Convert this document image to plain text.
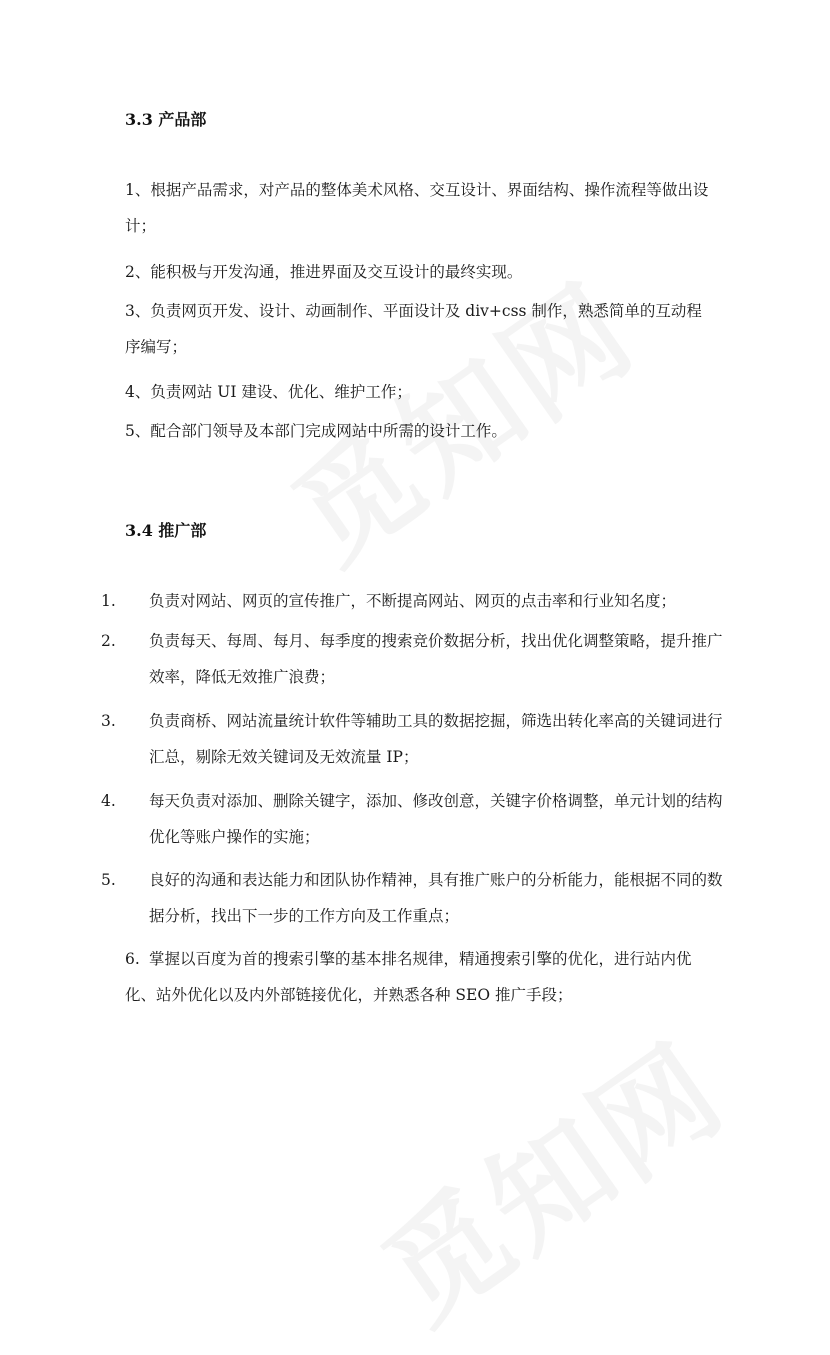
3.3 产品部

1、根据产品需求，对产品的整体美术风格、交互设计、界面结构、操作流程等做出设计；

2、能积极与开发沟通，推进界面及交互设计的最终实现。

3、负责网页开发、设计、动画制作、平面设计及 div+css 制作，熟悉简单的互动程序编写；

4、负责网站 UI 建设、优化、维护工作；

5、配合部门领导及本部门完成网站中所需的设计工作。

3.4 推广部
1. 负责对网站、网页的宣传推广，不断提高网站、网页的点击率和行业知名度；
2. 负责每天、每周、每月、每季度的搜索竞价数据分析，找出优化调整策略，提升推广效率，降低无效推广浪费；
3. 负责商桥、网站流量统计软件等辅助工具的数据挖掘，筛选出转化率高的关键词进行汇总，剔除无效关键词及无效流量 IP；
4. 每天负责对添加、删除关键字，添加、修改创意，关键字价格调整，单元计划的结构优化等账户操作的实施；
5. 良好的沟通和表达能力和团队协作精神，具有推广账户的分析能力，能根据不同的数据分析，找出下一步的工作方向及工作重点；
6. 掌握以百度为首的搜索引擎的基本排名规律，精通搜索引擎的优化，进行站内优化、站外优化以及内外部链接优化，并熟悉各种 SEO 推广手段；
